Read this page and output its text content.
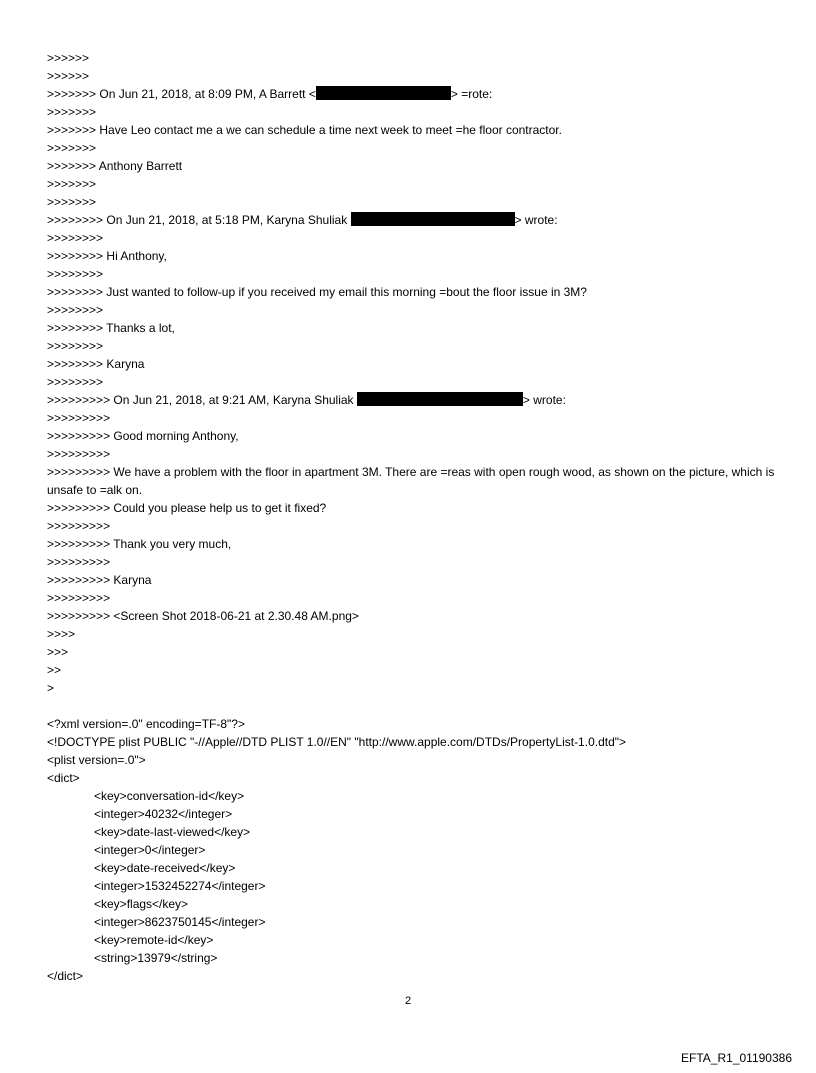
>>>>>>
>>>>>>
>>>>>>> On Jun 21, 2018, at 8:09 PM, A Barrett <	> =rote:
>>>>>>>
>>>>>>> Have Leo contact me a we can schedule a time next week to meet =he floor contractor.
>>>>>>>
>>>>>>> Anthony Barrett
>>>>>>>
>>>>>>>
>>>>>>>> On Jun 21, 2018, at 5:18 PM, Karyna Shuliak	> wrote:
>>>>>>>>
>>>>>>>> Hi Anthony,
>>>>>>>>
>>>>>>>> Just wanted to follow-up if you received my email this morning =bout the floor issue in 3M?
>>>>>>>>
>>>>>>>> Thanks a lot,
>>>>>>>>
>>>>>>>> Karyna
>>>>>>>>
>>>>>>>>> On Jun 21, 2018, at 9:21 AM, Karyna Shuliak	> wrote:
>>>>>>>>>
>>>>>>>>> Good morning Anthony,
>>>>>>>>>
>>>>>>>>> We have a problem with the floor in apartment 3M. There are =reas with open rough wood, as shown on the picture, which is unsafe to =alk on.
>>>>>>>>> Could you please help us to get it fixed?
>>>>>>>>>
>>>>>>>>> Thank you very much,
>>>>>>>>>
>>>>>>>>> Karyna
>>>>>>>>>
>>>>>>>>> <Screen Shot 2018-06-21 at 2.30.48 AM.png>
>>>>
>>>
>>
>
<?xml version=.0" encoding=TF-8"?>
<!DOCTYPE plist PUBLIC "-//Apple//DTD PLIST 1.0//EN" "http://www.apple.com/DTDs/PropertyList-1.0.dtd">
<plist version=.0">
<dict>
<key>conversation-id</key>
<integer>40232</integer>
<key>date-last-viewed</key>
<integer>0</integer>
<key>date-received</key>
<integer>1532452274</integer>
<key>flags</key>
<integer>8623750145</integer>
<key>remote-id</key>
<string>13979</string>
</dict>
2
EFTA_R1_01190386
